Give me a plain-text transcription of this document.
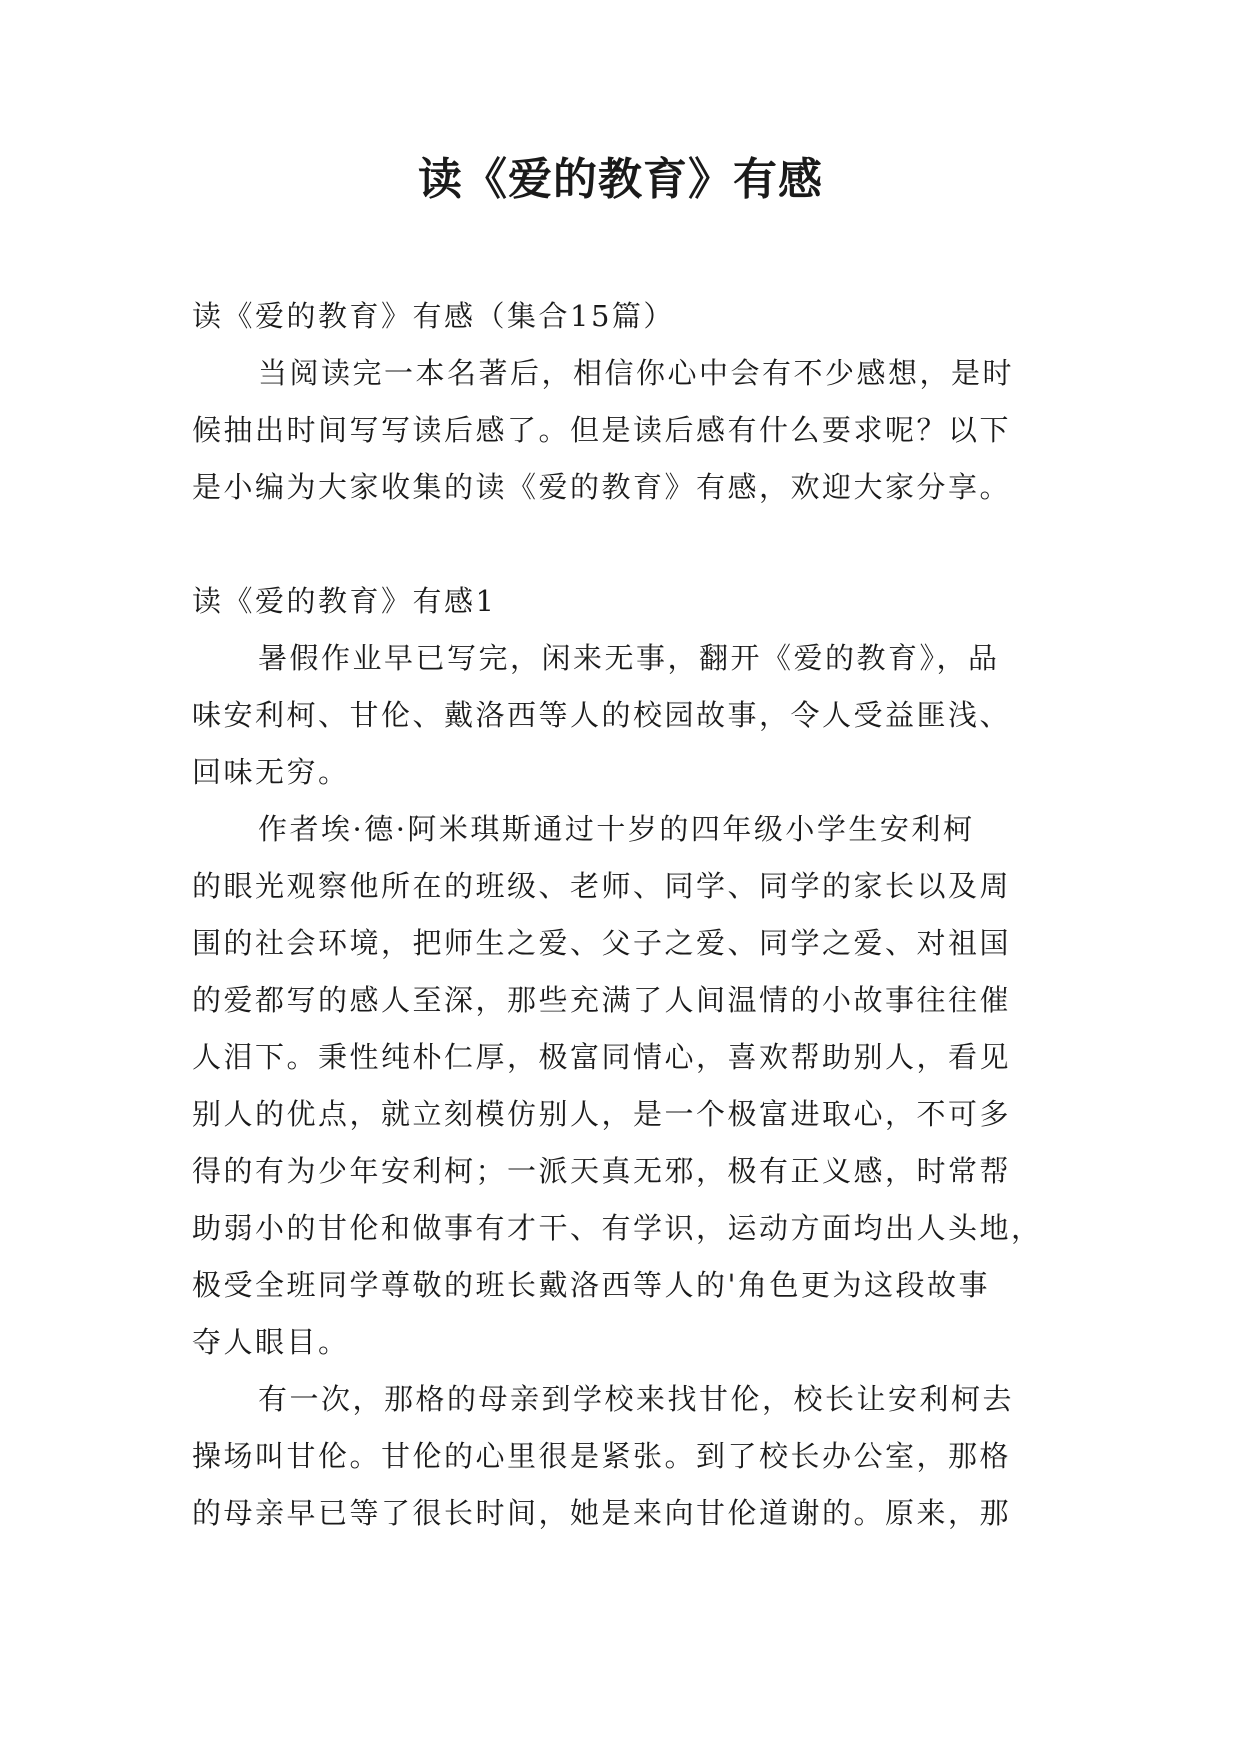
读《爱的教育》有感
读《爱的教育》有感（集合15篇）
当阅读完一本名著后，相信你心中会有不少感想，是时
候抽出时间写写读后感了。但是读后感有什么要求呢？以下
是小编为大家收集的读《爱的教育》有感，欢迎大家分享。
读《爱的教育》有感1
暑假作业早已写完，闲来无事，翻开《爱的教育》，品
味安利柯、甘伦、戴洛西等人的校园故事，令人受益匪浅、
回味无穷。
作者埃·德·阿米琪斯通过十岁的四年级小学生安利柯
的眼光观察他所在的班级、老师、同学、同学的家长以及周
围的社会环境，把师生之爱、父子之爱、同学之爱、对祖国
的爱都写的感人至深，那些充满了人间温情的小故事往往催
人泪下。秉性纯朴仁厚，极富同情心，喜欢帮助别人，看见
别人的优点，就立刻模仿别人，是一个极富进取心，不可多
得的有为少年安利柯；一派天真无邪，极有正义感，时常帮
助弱小的甘伦和做事有才干、有学识，运动方面均出人头地，
极受全班同学尊敬的班长戴洛西等人的'角色更为这段故事
夺人眼目。
有一次，那格的母亲到学校来找甘伦，校长让安利柯去
操场叫甘伦。甘伦的心里很是紧张。到了校长办公室，那格
的母亲早已等了很长时间，她是来向甘伦道谢的。原来，那
